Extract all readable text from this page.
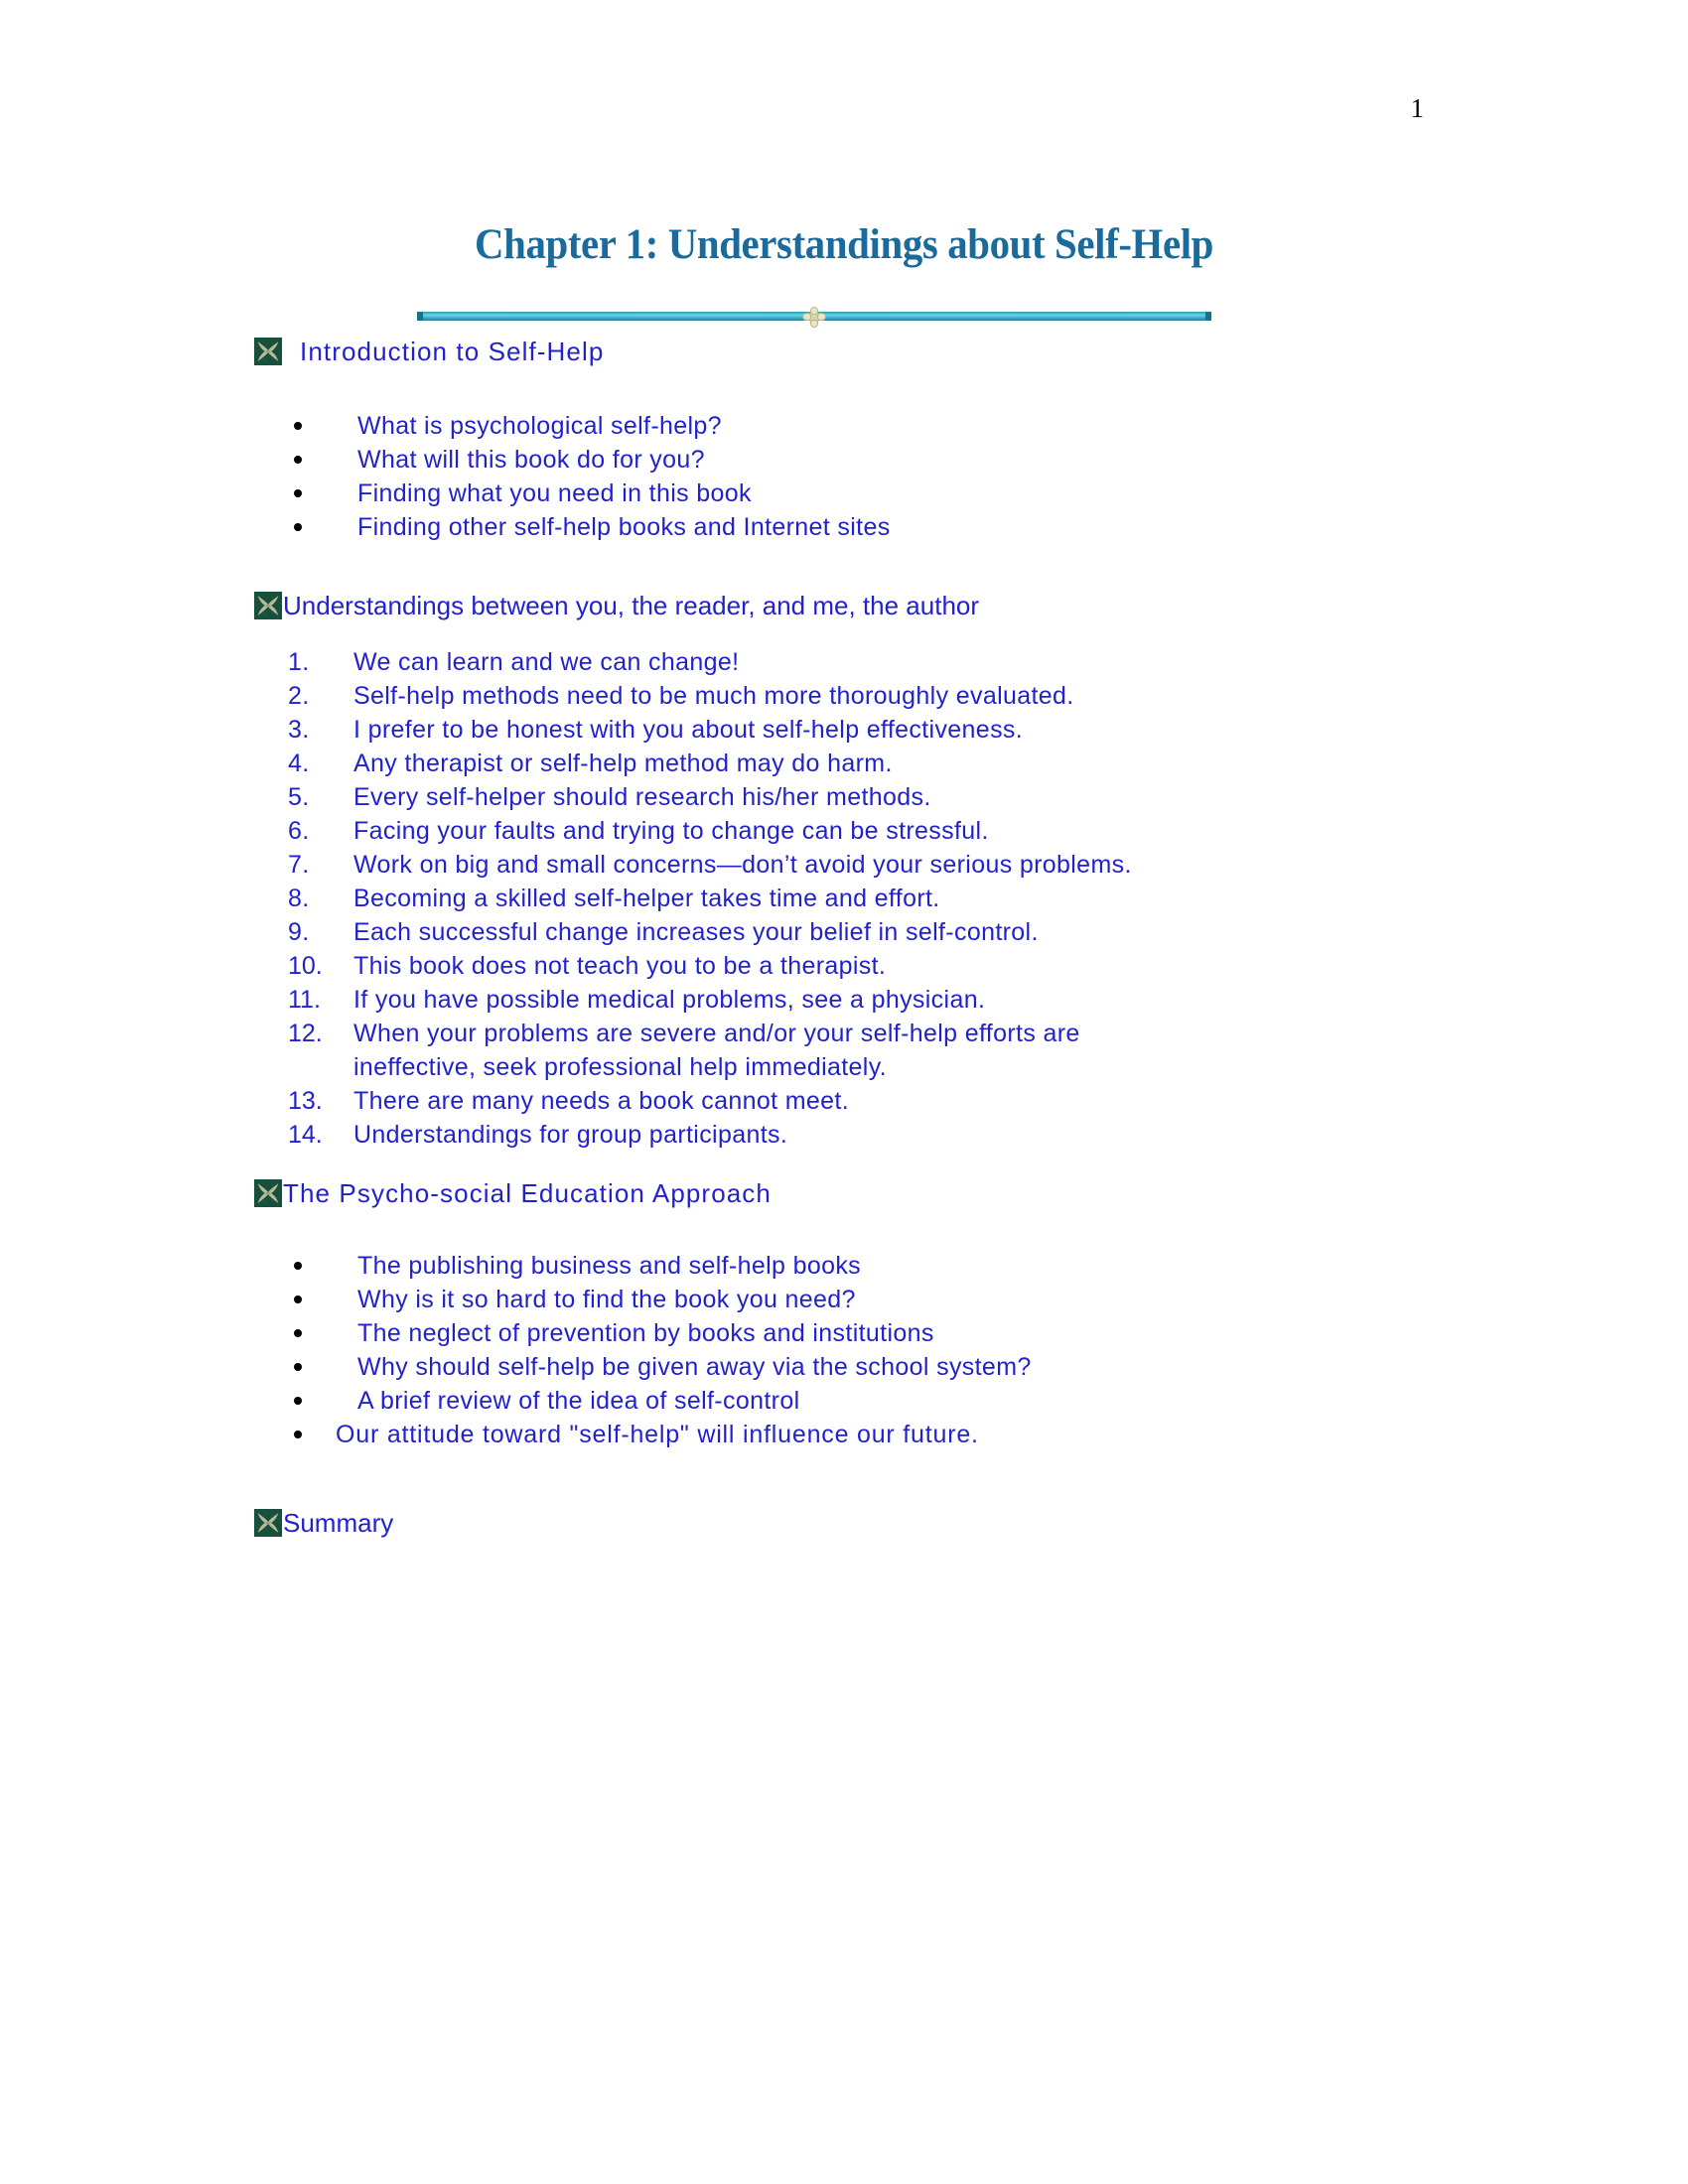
1
Chapter 1: Understandings about Self-Help
Introduction to Self-Help
What is psychological self-help?
What will this book do for you?
Finding what you need in this book
Finding other self-help books and Internet sites
Understandings between you, the reader, and me, the author
1.	We can learn and we can change!
2.	Self-help methods need to be much more thoroughly evaluated.
3.	I prefer to be honest with you about self-help effectiveness.
4.	Any therapist or self-help method may do harm.
5.	Every self-helper should research his/her methods.
6.	Facing your faults and trying to change can be stressful.
7.	Work on big and small concerns—don’t avoid your serious problems.
8.	Becoming a skilled self-helper takes time and effort.
9.	Each successful change increases your belief in self-control.
10.	This book does not teach you to be a therapist.
11.	If you have possible medical problems, see a physician.
12.	When your problems are severe and/or your self-help efforts are
ineffective, seek professional help immediately.
13.	There are many needs a book cannot meet.
14.	Understandings for group participants.
The Psycho-social Education Approach
The publishing business and self-help books
Why is it so hard to find the book you need?
The neglect of prevention by books and institutions
Why should self-help be given away via the school system?
A brief review of the idea of self-control
Our attitude toward "self-help" will influence our future.
Summary
